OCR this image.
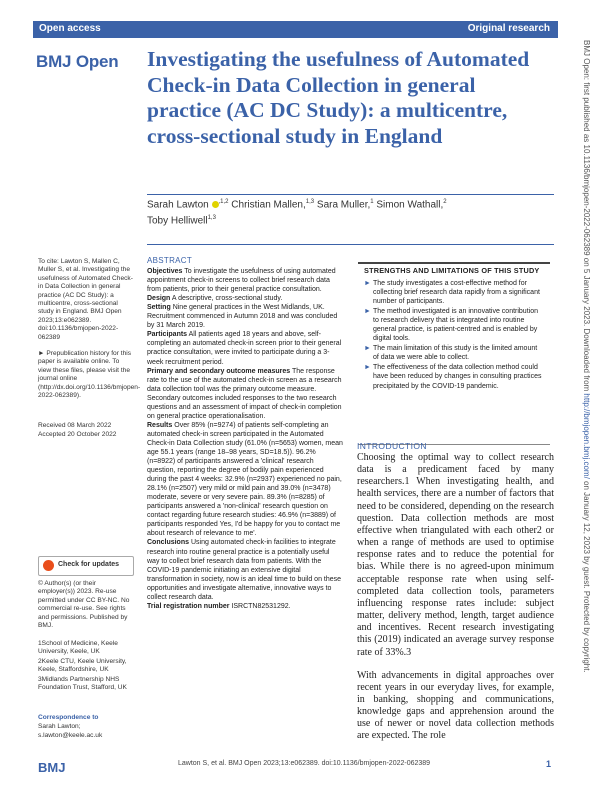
Open access	Original research
BMJ Open Investigating the usefulness of Automated Check-in Data Collection in general practice (AC DC Study): a multicentre, cross-sectional study in England
Sarah Lawton $^{,1,2}$ Christian Mallen,$^{1,3}$ Sara Muller,$^1$ Simon Wathall,$^2$
Toby Helliwell$^{1,3}$
To cite: Lawton S, Mallen C, Muller S, et al. Investigating the usefulness of Automated Check-in Data Collection in general practice (AC DC Study): a multicentre, cross-sectional study in England. BMJ Open 2023;13:e062389. doi:10.1136/bmjopen-2022-062389
► Prepublication history for this paper is available online. To view these files, please visit the journal online (http://dx.doi.org/10.1136/bmjopen-2022-062389).
Received 08 March 2022
Accepted 20 October 2022
Check for updates
© Author(s) (or their employer(s)) 2023. Re-use permitted under CC BY-NC. No commercial re-use. See rights and permissions. Published by BMJ.
1School of Medicine, Keele University, Keele, UK
2Keele CTU, Keele University, Keele, Staffordshire, UK
3Midlands Partnership NHS Foundation Trust, Stafford, UK
Correspondence to
Sarah Lawton;
s.lawton@keele.ac.uk
ABSTRACT

Objectives To investigate the usefulness of using automated appointment check-in screens to collect brief research data from patients, prior to their general practice consultation.

Design A descriptive, cross-sectional study.

Setting Nine general practices in the West Midlands, UK. Recruitment commenced in Autumn 2018 and was concluded by 31 March 2019.

Participants All patients aged 18 years and above, self-completing an automated check-in screen prior to their general practice consultation, were invited to participate during a 3-week recruitment period.

Primary and secondary outcome measures The response rate to the use of the automated check-in screen as a research data collection tool was the primary outcome measure. Secondary outcomes included responses to the two research questions and an assessment of impact of check-in completion on general practice operationalisation.

Results Over 85% (n=9274) of patients self-completing an automated check-in screen participated in the Automated Check-in Data Collection study (61.0% (n=5653) women, mean age 55.1 years (range 18–98 years, SD=18.5)). 96.2% (n=8922) of participants answered a 'clinical' research question, reporting the degree of bodily pain experienced during the past 4 weeks: 32.9% (n=2937) experienced no pain, 28.1% (n=2507) very mild or mild pain and 39.0% (n=3478) moderate, severe or very severe pain. 89.3% (n=8285) of participants answered a 'non-clinical' research question on contact regarding future research studies: 46.9% (n=3889) of participants responded Yes, I'd be happy for you to contact me about research of relevance to me'.

Conclusions Using automated check-in facilities to integrate research into routine general practice is a potentially useful way to collect brief research data from patients. With the COVID-19 pandemic initiating an extensive digital transformation in society, now is an ideal time to build on these opportunities and investigate alternative, innovative ways to collect research data.

Trial registration number ISRCTN82531292.

STRENGTHS AND LIMITATIONS OF THIS STUDY
► The study investigates a cost-effective method for collecting brief research data rapidly from a significant number of participants.
► The method investigated is an innovative contribution to research delivery that is integrated into routine general practice, is patient-centred and is enabled by digital tools.
► The main limitation of this study is the limited amount of data we were able to collect.
► The effectiveness of the data collection method could have been reduced by changes in consulting practices precipitated by the COVID-19 pandemic.
INTRODUCTION

Choosing the optimal way to collect research data is a predicament faced by many researchers.1 When investigating health, and health services, there are a number of factors that need to be considered, depending on the research question. Data collection methods are most effective when triangulated with each other2 or when a range of methods are used to optimise response rates and to reduce the potential for bias. While there is no agreed-upon minimum acceptable response rate when using self-completed data collection tools, parameters influencing response rates include: subject matter, delivery method, length, target audience and incentives. Recent research investigating this (2019) indicated an average survey response rate of 33%.3

With advancements in digital approaches over recent years in our everyday lives, for example, in banking, shopping and communications, knowledge gaps and apprehension around the use of newer or novel data collection methods are expected. The role

BMJ Open: first published as 10.1136/bmjopen-2022-062389 on 5 January 2023. Downloaded from http://bmjopen.bmj.com/ on January 12, 2023 by guest. Protected by copyright.
BMJ	Lawton S, et al. BMJ Open 2023;13:e062389. doi:10.1136/bmjopen-2022-062389	1
